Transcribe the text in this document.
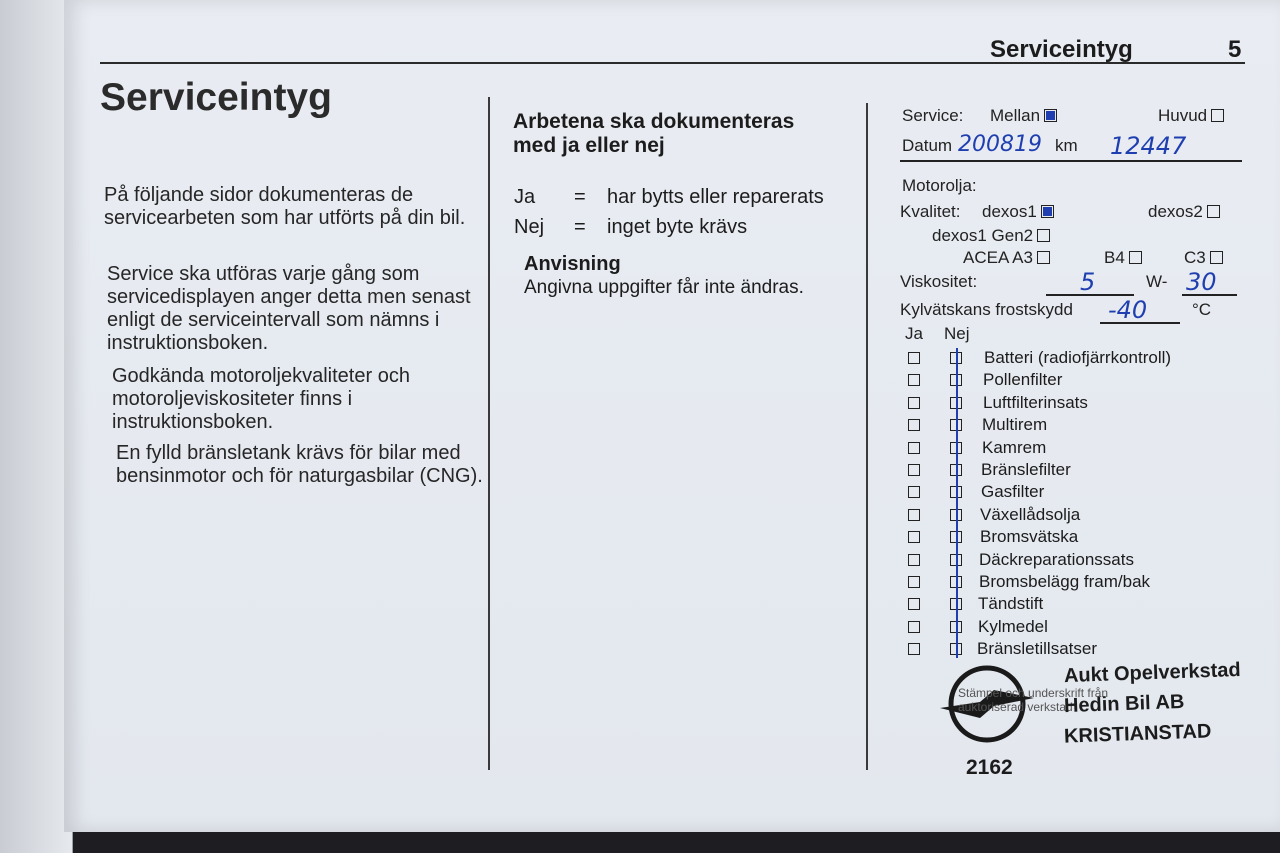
Serviceintyg	5
Serviceintyg
På följande sidor dokumenteras de servicearbeten som har utförts på din bil.
Service ska utföras varje gång som servicedisplayen anger detta men senast enligt de serviceintervall som nämns i instruktionsboken.
Godkända motoroljekvaliteter och motoroljeviskositeter finns i instruktionsboken.
En fylld bränsletank krävs för bilar med bensinmotor och för naturgasbilar (CNG).
Arbetena ska dokumenteras med ja eller nej
Ja = har bytts eller reparerats
Nej = inget byte krävs
Anvisning
Angivna uppgifter får inte ändras.
Service: Mellan	Huvud
Datum 200819 km 12447
Motorolja:
Kvalitet: dexos1	dexos2
dexos1 Gen2
ACEA A3	B4	C3
Viskositet:	5	W- 30
Kylvätskans frostskydd -40	°C
Ja Nej
Batteri (radiofjärrkontroll)
Pollenfilter
Luftfilterinsats
Multirem
Kamrem
Bränslefilter
Gasfilter
Växellådsolja
Bromsvätska
Däckreparationssats
Bromsbelägg fram/bak
Tändstift
Kylmedel
Bränsletillsatser
Stämpel och underskrift från auktoriserad verkstad
Aukt Opelverkstad
Hedin Bil AB
KRISTIANSTAD
2162
